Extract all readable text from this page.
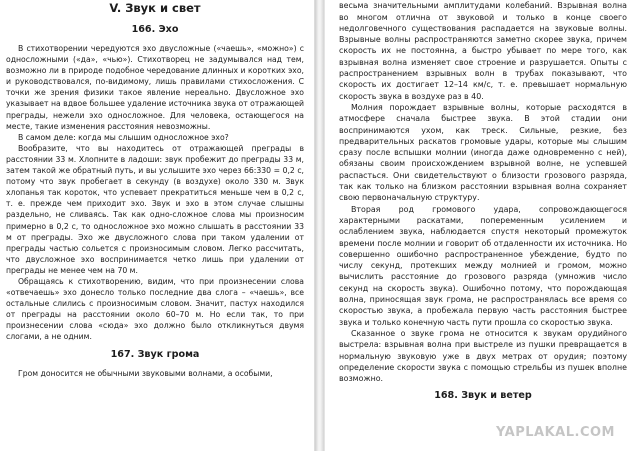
V. Звук и свет
166. Эхо

В стихотворении чередуются эхо двусложные («чаешь», «можно») с односложными («да», «чью»). Стихотворец не задумывался над тем, возможно ли в природе подобное чередование длинных и коротких эхо, и руководствовался, по-видимому, лишь правилами стихосложения. С точки же зрения физики такое явление нереально. Двусложное эхо указывает на вдвое большее удаление источника звука от отражающей преграды, нежели эхо односложное. Для человека, остающегося на месте, такие изменения расстояния невозможны.

В самом деле: когда мы слышим односложное эхо?

Вообразите, что вы находитесь от отражающей преграды в расстоянии 33 м. Хлопните в ладоши: звук пробежит до преграды 33 м, затем такой же обратный путь, и вы услышите эхо через 66:330 = 0,2 с, потому что звук пробегает в секунду (в воздухе) около 330 м. Звук хлопанья так короток, что успевает прекратиться меньше чем в 0,2 с, т. е. прежде чем приходит эхо. Звук и эхо в этом случае слышны раздельно, не сливаясь. Так как одно-сложное слова мы произносим примерно в 0,2 с, то односложное эхо можно слышать в расстоянии 33 м от преграды. Эхо же двусложного слова при таком удалении от преграды частью сольется с произносимым словом. Легко рассчитать, что двусложное эхо воспринимается четко лишь при удалении от преграды не менее чем на 70 м.

Обращаясь к стихотворению, видим, что при произнесении слова «отвечаешь» эхо донесло только последние два слога – «чаешь», все остальные слились с произносимым словом. Значит, пастух находился от преграды на расстоянии около 60–70 м. Но если так, то при произнесении слова «сюда» эхо должно было откликнуться двумя слогами, а не одним.

167. Звук грома

Гром доносится не обычными звуковыми волнами, а особыми,

весьма значительными амплитудами колебаний. Взрывная волна во многом отлична от звуковой и только в конце своего недолговечного существования распадается на звуковые волны. Взрывные волны распространяются заметно скорее звука, причем скорость их не постоянна, а быстро убывает по мере того, как взрывная волна изменяет свое строение и разрушается. Опыты с распространением взрывных волн в трубах показывают, что скорость их достигает 12–14 км/с, т. е. превышает нормальную скорость звука в воздухе раз в 40.

Молния порождает взрывные волны, которые расходятся в атмосфере сначала быстрее звука. В этой стадии они воспринимаются ухом, как треск. Сильные, резкие, без предварительных раскатов громовые удары, которые мы слышим сразу после вспышки молнии (иногда даже одновременно с ней), обязаны своим происхождением взрывной волне, не успевшей распасться. Они свидетельствуют о близости грозового разряда, так как только на близком расстоянии взрывная волна сохраняет свою первоначальную структуру.

Вторая род громового удара, сопровождающегося характерными раскатами, попеременным усилением и ослаблением звука, наблюдается спустя некоторый промежуток времени после молнии и говорит об отдаленности их источника. Но совершенно ошибочно распространенное убеждение, будто по числу секунд, протекших между молнией и громом, можно вычислить расстояние до грозового разряда (умножив число секунд на скорость звука). Ошибочно потому, что порождающая волна, приносящая звук грома, не распространялась все время со скоростью звука, а пробежала первую часть расстояния быстрее звука и только конечную часть пути прошла со скоростью звука.

Сказанное о звуке грома не относится к звукам орудийного выстрела: взрывная волна при выстреле из пушки превращается в нормальную звуковую уже в двух метрах от орудия; поэтому определение скорости звука с помощью стрельбы из пушек вполне возможно.

168. Звук и ветер
YAPLAKAL.COM
